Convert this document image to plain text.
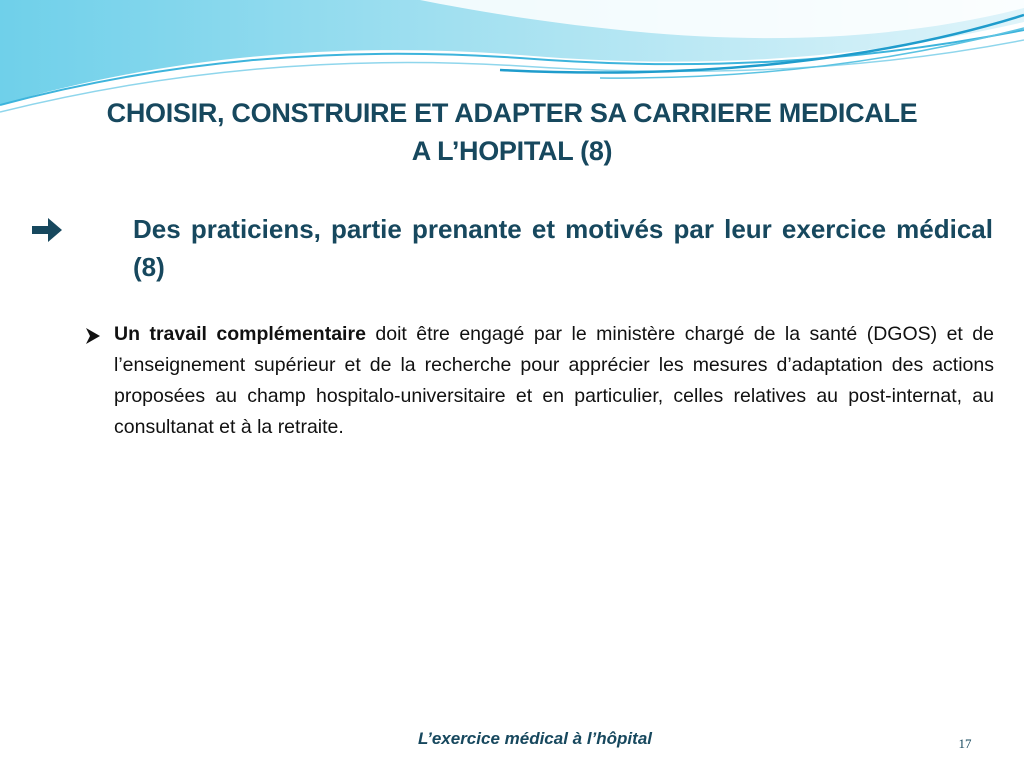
CHOISIR, CONSTRUIRE ET ADAPTER SA CARRIERE MEDICALE
A L’HOPITAL (8)
Des praticiens, partie prenante et motivés par leur exercice médical (8)
Un travail complémentaire doit être engagé par le ministère chargé de la santé (DGOS) et de l’enseignement supérieur et de la recherche pour apprécier les mesures d’adaptation des actions proposées au champ hospitalo-universitaire et en particulier, celles relatives au post-internat, au consultanat et à la retraite.
L’exercice médical à l’hôpital	17
